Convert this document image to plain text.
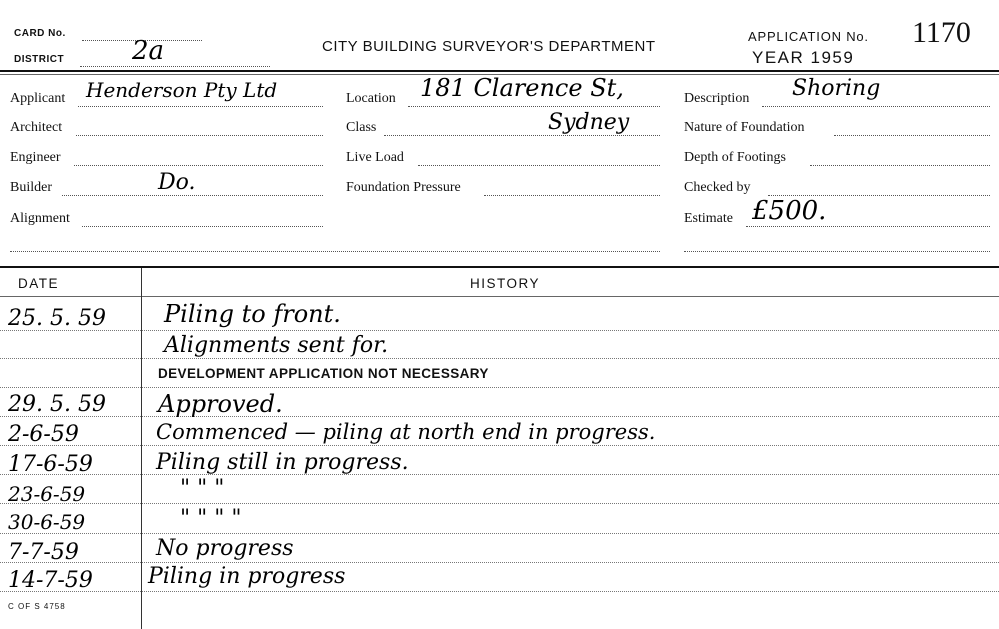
CARD No.
DISTRICT	2a	CITY BUILDING SURVEYOR'S DEPARTMENT
APPLICATION No. 1170
YEAR 1959
Applicant Henderson Pty Ltd
Architect
Engineer
Builder	Do.
Alignment
Location 181 Clarence St,
Class	Sydney
Live Load
Foundation Pressure
Description Shoring
Nature of Foundation
Depth of Footings
Checked by
Estimate £500.
DATE	HISTORY
25. 5. 59 Piling to front.
Alignments sent for.
DEVELOPMENT APPLICATION NOT NECESSARY
29. 5. 59 Approved.
2-6-59	Commenced — piling at north end in progress.
17-6-59	Piling still in progress.
23-6-59	" " "
30-6-59	" " " "
7-7-59	No progress
14-7-59	Piling in progress
C OF S 4758
